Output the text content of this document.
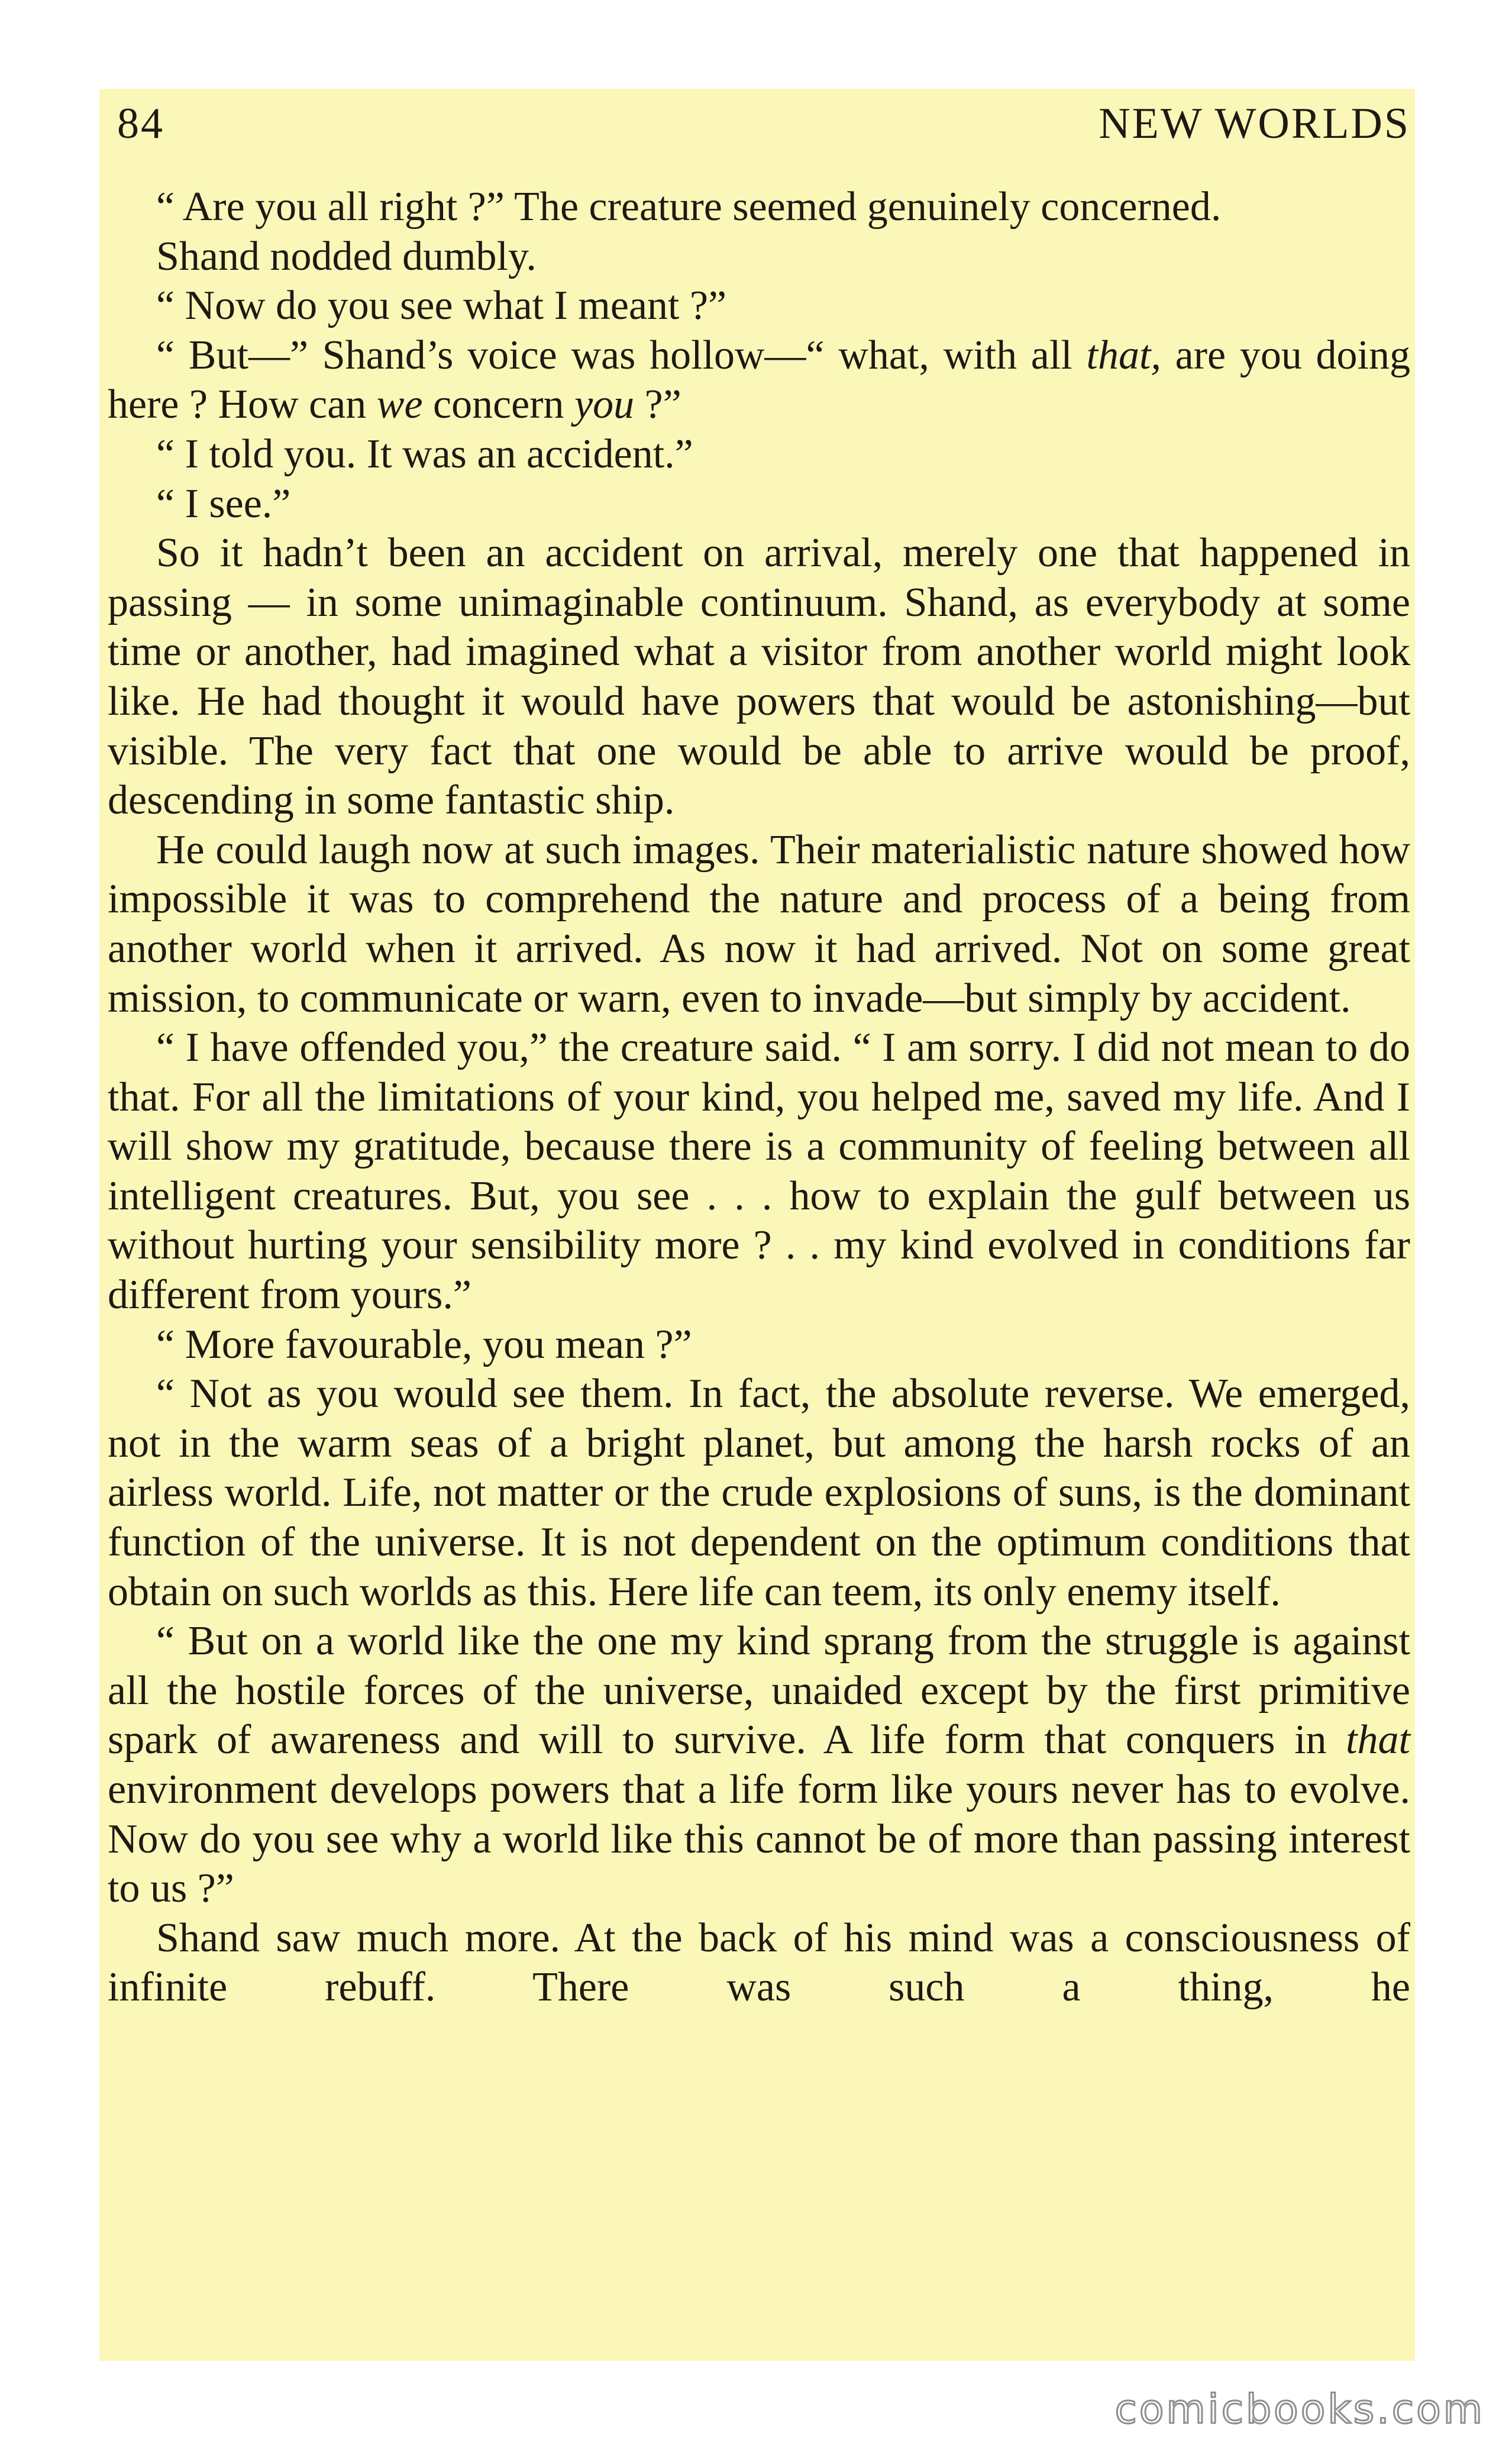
84	NEW WORLDS

“ Are you all right ?” The creature seemed genuinely concerned.

Shand nodded dumbly.

“ Now do you see what I meant ?”

“ But—” Shand’s voice was hollow—“ what, with all that, are you doing here ? How can we concern you ?”

“ I told you. It was an accident.”

“ I see.”

So it hadn’t been an accident on arrival, merely one that happened in passing — in some unimaginable continuum. Shand, as everybody at some time or another, had imagined what a visitor from another world might look like. He had thought it would have powers that would be astonishing—but visible. The very fact that one would be able to arrive would be proof, descending in some fantastic ship.

He could laugh now at such images. Their materialistic nature showed how impossible it was to comprehend the nature and process of a being from another world when it arrived. As now it had arrived. Not on some great mission, to communicate or warn, even to invade—but simply by accident.

“ I have offended you,” the creature said. “ I am sorry. I did not mean to do that. For all the limitations of your kind, you helped me, saved my life. And I will show my gratitude, because there is a community of feeling between all intelligent creatures. But, you see . . . how to explain the gulf between us without hurting your sensibility more ? . . my kind evolved in conditions far different from yours.”

“ More favourable, you mean ?”

“ Not as you would see them. In fact, the absolute reverse. We emerged, not in the warm seas of a bright planet, but among the harsh rocks of an airless world. Life, not matter or the crude explosions of suns, is the dominant function of the universe. It is not dependent on the optimum conditions that obtain on such worlds as this. Here life can teem, its only enemy itself.

“ But on a world like the one my kind sprang from the struggle is against all the hostile forces of the universe, unaided except by the first primitive spark of awareness and will to survive. A life form that conquers in that environment develops powers that a life form like yours never has to evolve. Now do you see why a world like this cannot be of more than passing interest to us ?”

Shand saw much more. At the back of his mind was a consciousness of infinite rebuff. There was such a thing, he

comicbooks.com
